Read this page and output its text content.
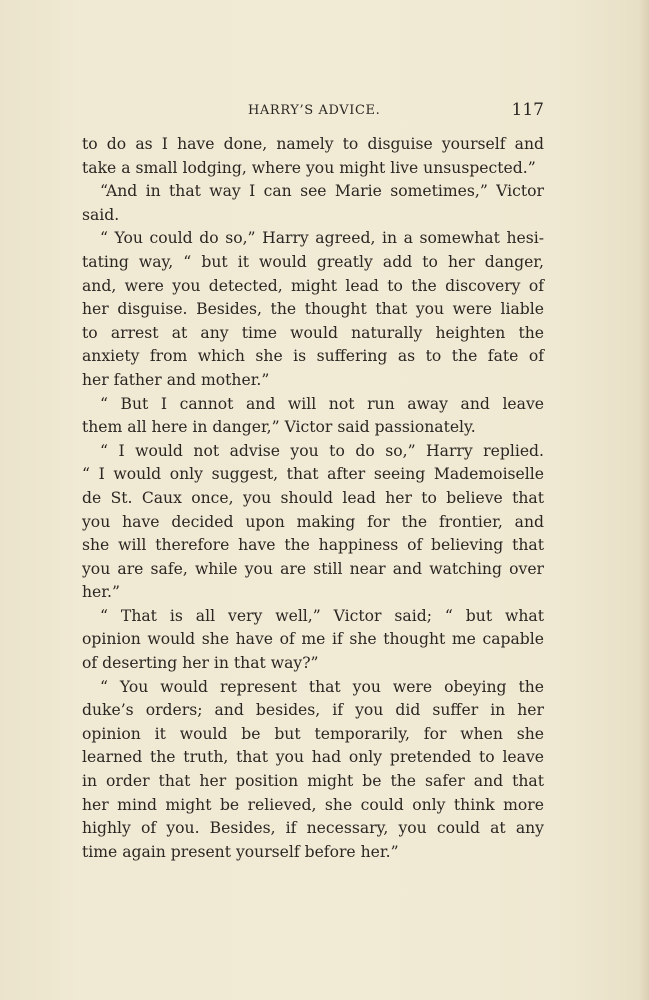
HARRY’S ADVICE.	117
to do as I have done, namely to disguise yourself and
take a small lodging, where you might live unsuspected.”
“And in that way I can see Marie sometimes,” Victor
said.
“ You could do so,” Harry agreed, in a somewhat hesi-
tating way, “ but it would greatly add to her danger,
and, were you detected, might lead to the discovery of
her disguise. Besides, the thought that you were liable
to arrest at any time would naturally heighten the
anxiety from which she is suffering as to the fate of
her father and mother.”
“ But I cannot and will not run away and leave
them all here in danger,” Victor said passionately.
“ I would not advise you to do so,” Harry replied.
“ I would only suggest, that after seeing Mademoiselle
de St. Caux once, you should lead her to believe that
you have decided upon making for the frontier, and
she will therefore have the happiness of believing that
you are safe, while you are still near and watching over
her.”
“ That is all very well,” Victor said; “ but what
opinion would she have of me if she thought me capable
of deserting her in that way?”
“ You would represent that you were obeying the
duke’s orders; and besides, if you did suffer in her
opinion it would be but temporarily, for when she
learned the truth, that you had only pretended to leave
in order that her position might be the safer and that
her mind might be relieved, she could only think more
highly of you. Besides, if necessary, you could at any
time again present yourself before her.”
